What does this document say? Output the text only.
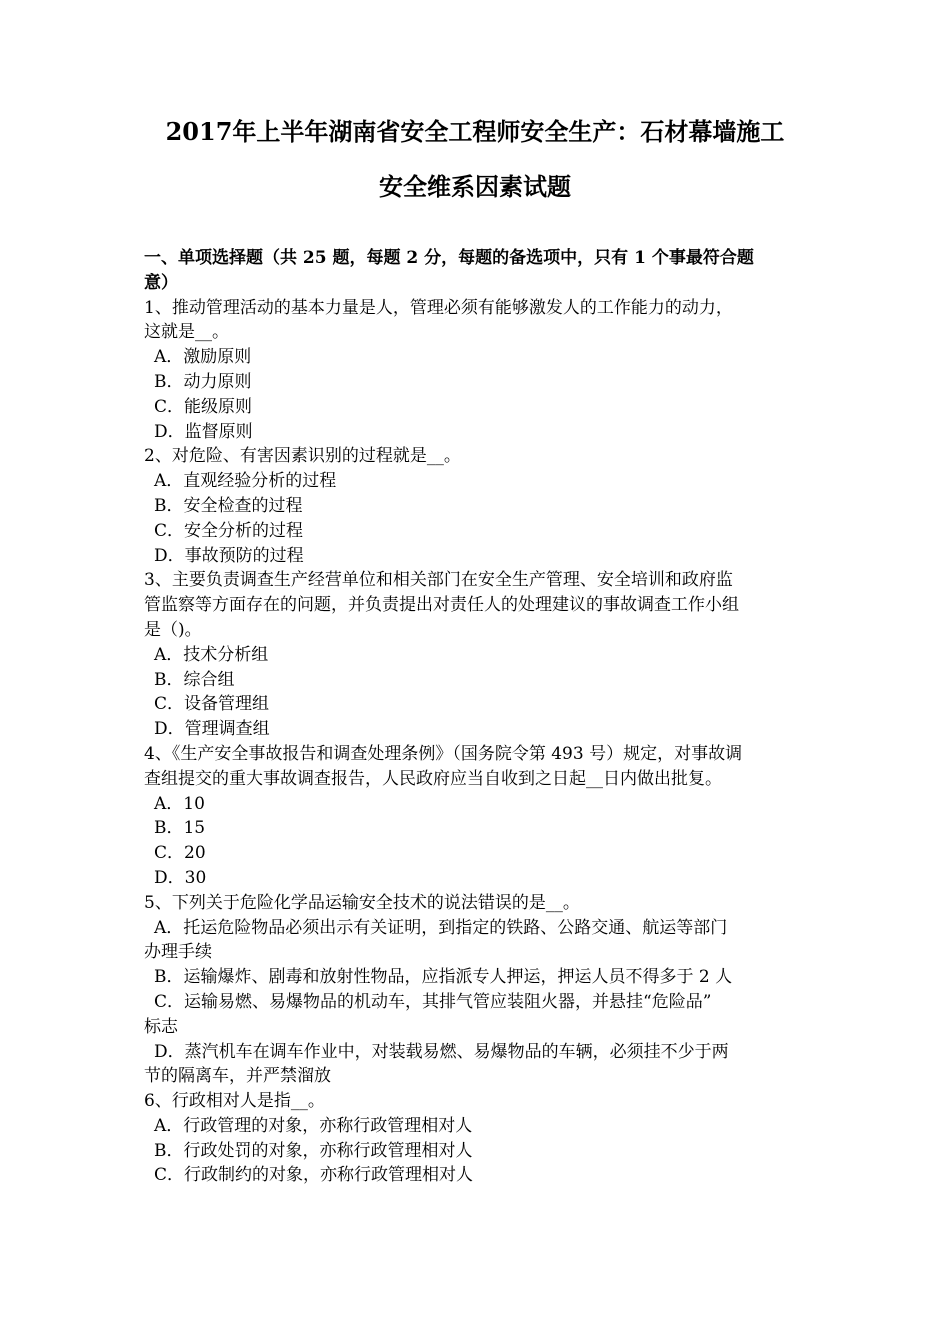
2017年上半年湖南省安全工程师安全生产：石材幕墙施工
安全维系因素试题
一、单项选择题（共 25 题，每题 2 分，每题的备选项中，只有 1 个事最符合题
意）
1、推动管理活动的基本力量是人，管理必须有能够激发人的工作能力的动力，
这就是__。
A．激励原则
B．动力原则
C．能级原则
D．监督原则
2、对危险、有害因素识别的过程就是__。
A．直观经验分析的过程
B．安全检查的过程
C．安全分析的过程
D．事故预防的过程
3、主要负责调查生产经营单位和相关部门在安全生产管理、安全培训和政府监
管监察等方面存在的问题，并负责提出对责任人的处理建议的事故调查工作小组
是（)。
A．技术分析组
B．综合组
C．设备管理组
D．管理调查组
4、《生产安全事故报告和调查处理条例》（国务院令第 493 号）规定，对事故调
查组提交的重大事故调查报告，人民政府应当自收到之日起__日内做出批复。
A．10
B．15
C．20
D．30
5、下列关于危险化学品运输安全技术的说法错误的是__。
A．托运危险物品必须出示有关证明，到指定的铁路、公路交通、航运等部门
办理手续
B．运输爆炸、剧毒和放射性物品，应指派专人押运，押运人员不得多于 2 人
C．运输易燃、易爆物品的机动车，其排气管应装阻火器，并悬挂“危险品”
标志
D．蒸汽机车在调车作业中，对装载易燃、易爆物品的车辆，必须挂不少于两
节的隔离车，并严禁溜放
6、行政相对人是指__。
A．行政管理的对象，亦称行政管理相对人
B．行政处罚的对象，亦称行政管理相对人
C．行政制约的对象，亦称行政管理相对人
